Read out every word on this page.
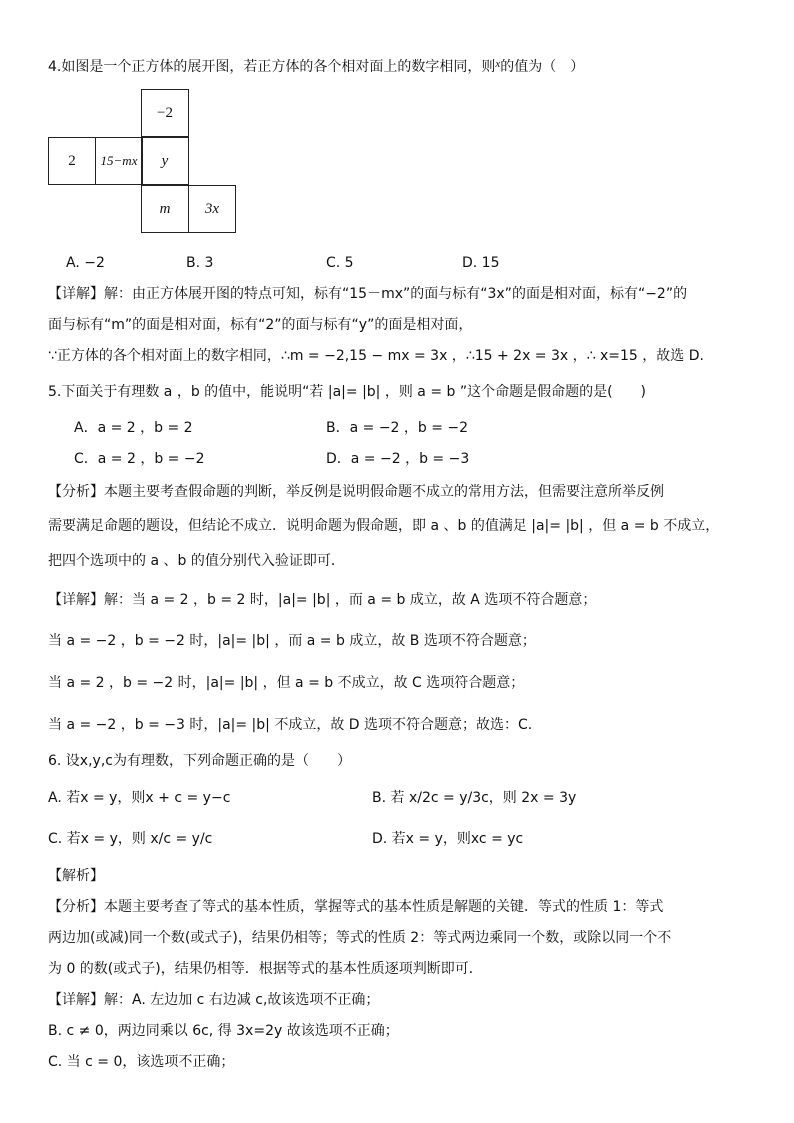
4.如图是一个正方体的展开图，若正方体的各个相对面上的数字相同，则$^x$的值为（　）
−2
2	15−mx	y
m	3x
A. −2	B. 3	C. 5	D. 15
【详解】解：由正方体展开图的特点可知，标有“15－mx”的面与标有“3x”的面是相对面，标有“−2”的
面与标有“m”的面是相对面，标有“2”的面与标有“y”的面是相对面，
∵正方体的各个相对面上的数字相同，∴m = −2,15 − mx = 3x ，∴15 + 2x = 3x ，∴ x=15 ，故选 D.
5.下面关于有理数 a ，b 的值中，能说明“若 |a|= |b| ，则 a = b ”这个命题是假命题的是(　　)
A．a = 2 ，b = 2	B．a = −2 ，b = −2
C．a = 2 ，b = −2	D．a = −2 ，b = −3
【分析】本题主要考查假命题的判断，举反例是说明假命题不成立的常用方法，但需要注意所举反例
需要满足命题的题设，但结论不成立．说明命题为假命题，即 a 、b 的值满足 |a|= |b| ，但 a = b 不成立，
把四个选项中的 a 、b 的值分别代入验证即可．
【详解】解：当 a = 2 ，b = 2 时，|a|= |b| ，而 a = b 成立，故 A 选项不符合题意；
当 a = −2 ，b = −2 时，|a|= |b| ，而 a = b 成立，故 B 选项不符合题意；
当 a = 2 ，b = −2 时，|a|= |b| ，但 a = b 不成立，故 C 选项符合题意；
当 a = −2 ，b = −3 时，|a|= |b| 不成立，故 D 选项不符合题意；故选：C.
6. 设x,y,c为有理数，下列命题正确的是（　　）
A. 若x = y，则x + c = y−c	B. 若 x/2c = y/3c，则 2x = 3y
C. 若x = y，则 x/c = y/c	D. 若x = y，则xc = yc
【解析】
【分析】本题主要考查了等式的基本性质，掌握等式的基本性质是解题的关键．等式的性质 1：等式
两边加(或减)同一个数(或式子)，结果仍相等；等式的性质 2：等式两边乘同一个数，或除以同一个不
为 0 的数(或式子)，结果仍相等．根据等式的基本性质逐项判断即可．
【详解】解：A. 左边加 c 右边减 c,故该选项不正确；
B. c ≠ 0，两边同乘以 6c, 得 3x=2y 故该选项不正确；
C. 当 c = 0，该选项不正确；
